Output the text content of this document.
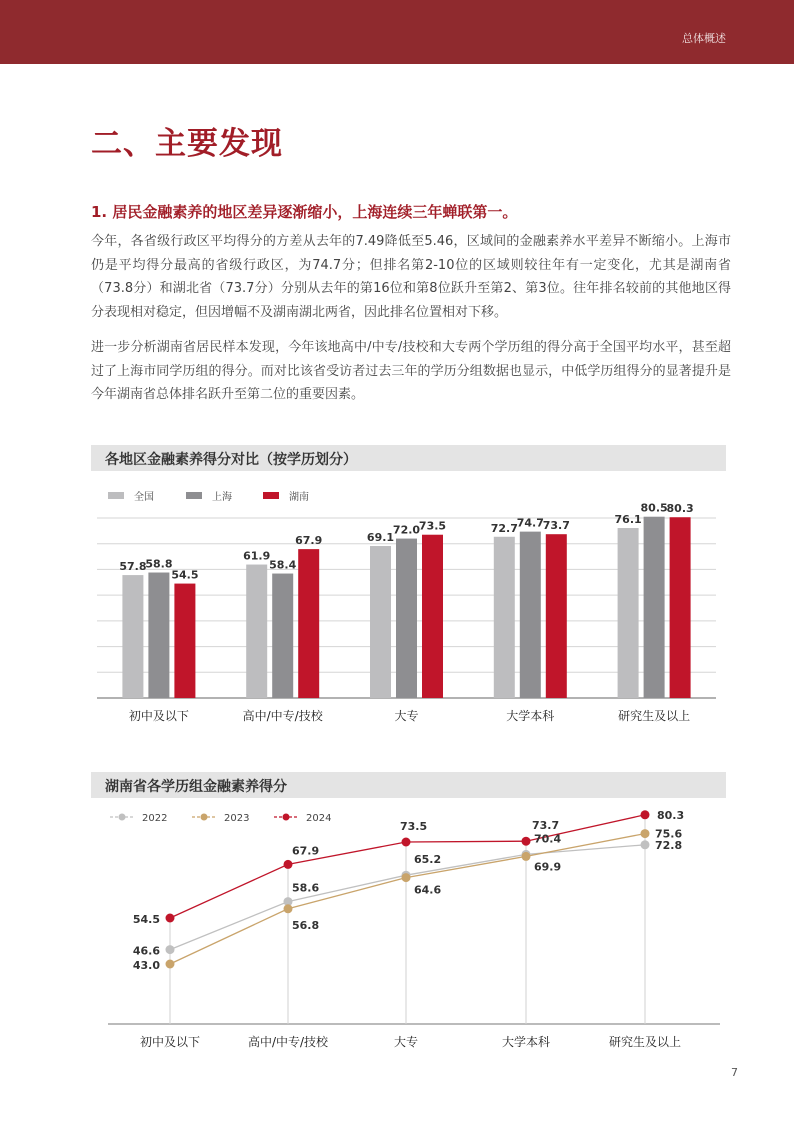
总体概述
二、主要发现
1. 居民金融素养的地区差异逐渐缩小，上海连续三年蝉联第一。

今年，各省级行政区平均得分的方差从去年的7.49降低至5.46，区域间的金融素养水平差异不断缩小。上海市仍是平均得分最高的省级行政区，为74.7分；但排名第2-10位的区域则较往年有一定变化，尤其是湖南省（73.8分）和湖北省（73.7分）分别从去年的第16位和第8位跃升至第2、第3位。往年排名较前的其他地区得分表现相对稳定，但因增幅不及湖南湖北两省，因此排名位置相对下移。

进一步分析湖南省居民样本发现，今年该地高中/中专/技校和大专两个学历组的得分高于全国平均水平，甚至超过了上海市同学历组的得分。而对比该省受访者过去三年的学历分组数据也显示，中低学历组得分的显著提升是今年湖南省总体排名跃升至第二位的重要因素。

各地区金融素养得分对比（按学历划分）
全国	上海	湖南
57.8
58.8
54.5
初中及以下
61.9
58.4
67.9
高中/中专/技校
69.1
72.0
73.5
大专
72.7
74.7
73.7
大学本科
76.1
80.5
80.3
研究生及以上
湖南省各学历组金融素养得分
2022	2023	2024
初中及以下	高中/中专/技校	大专	大学本科	研究生及以上
46.6
58.6
65.2
70.4	72.8
43.0
56.8
64.6
69.9
75.6
54.5
67.9
73.5	73.7
80.3
7
